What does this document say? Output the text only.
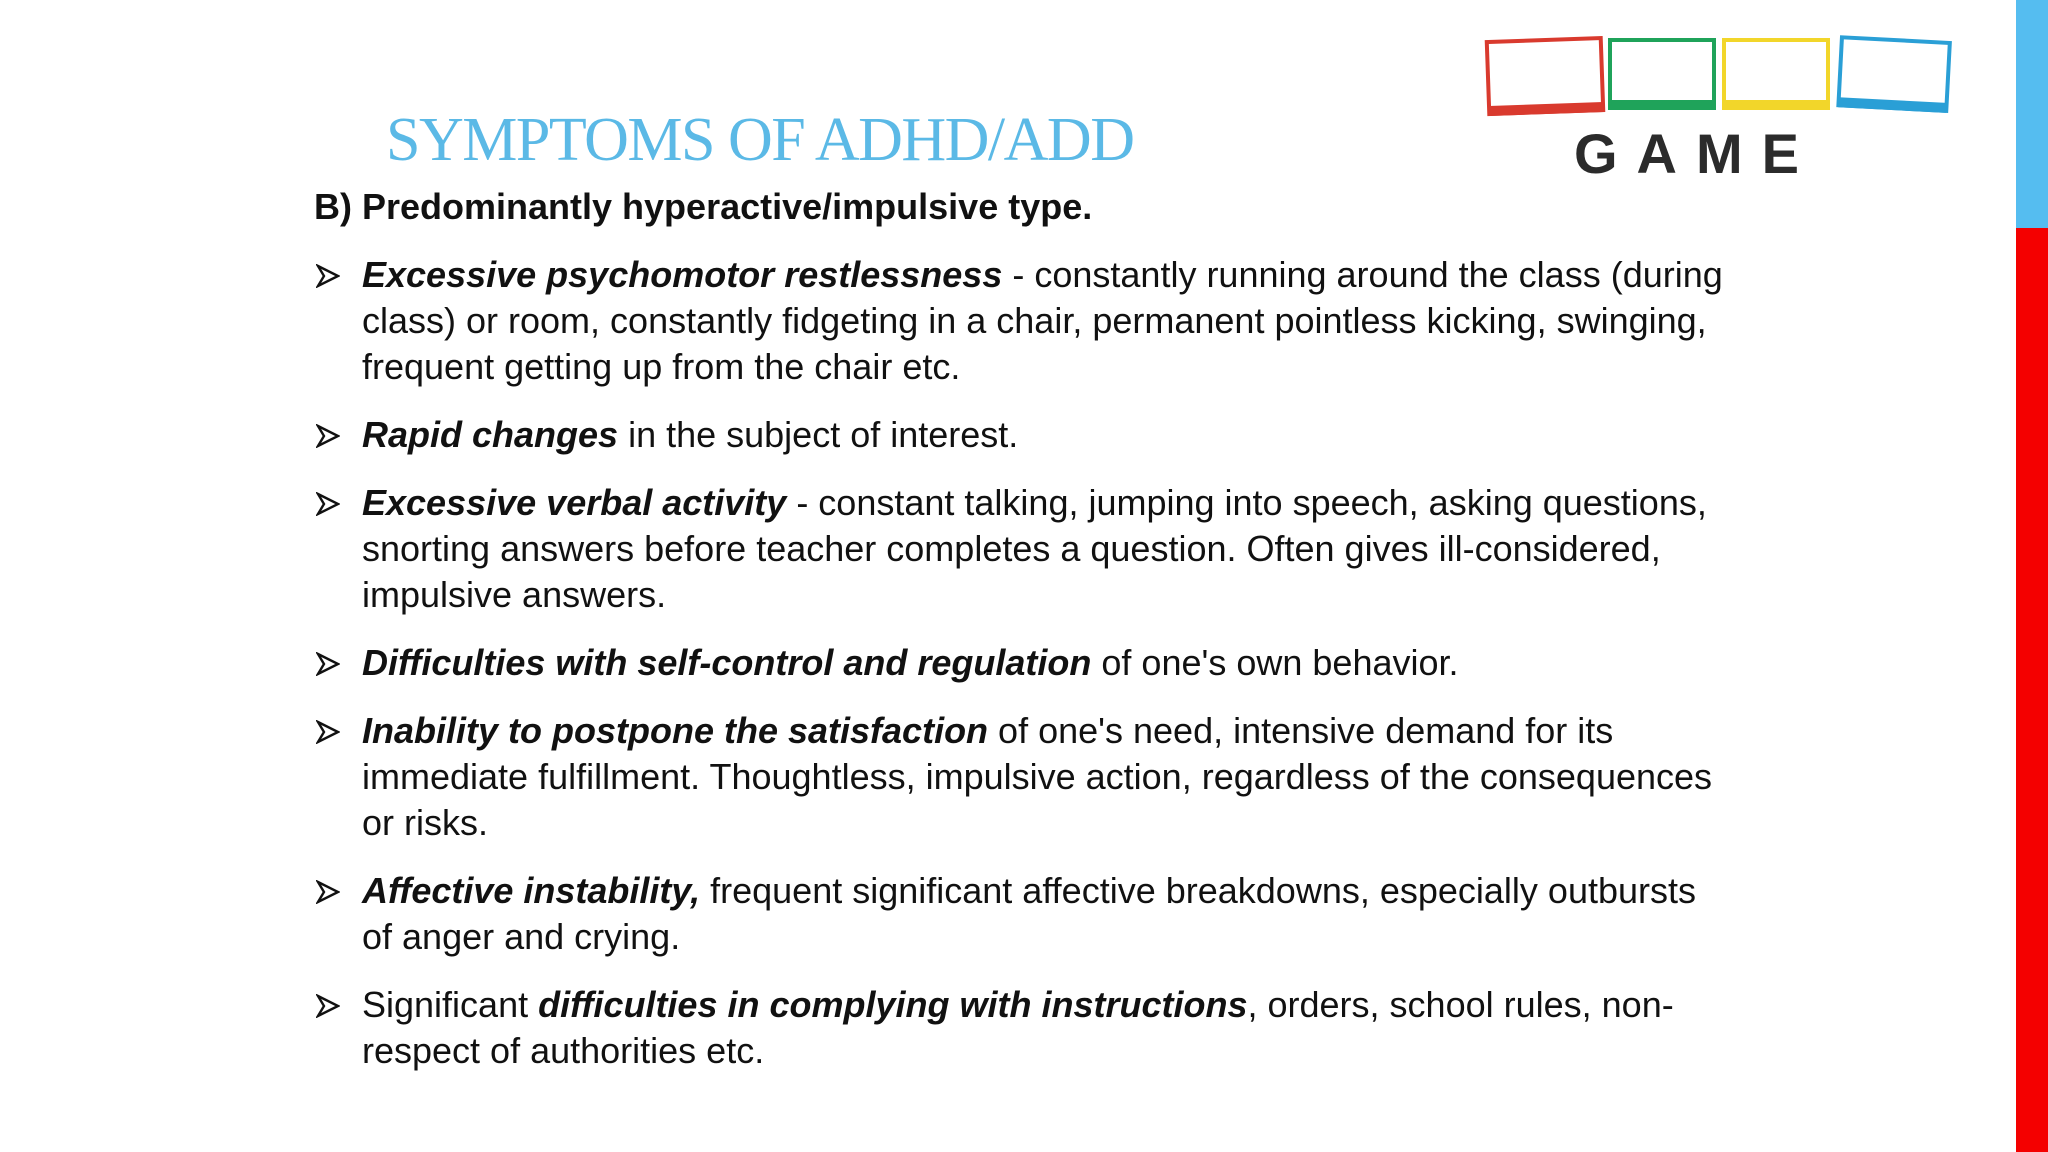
SYMPTOMS OF ADHD/ADD	GAME

B) Predominantly hyperactive/impulsive type.

Excessive psychomotor restlessness - constantly running around the class (during class) or room, constantly fidgeting in a chair, permanent pointless kicking, swinging, frequent getting up from the chair etc.
Rapid changes in the subject of interest.
Excessive verbal activity - constant talking, jumping into speech, asking questions, snorting answers before teacher completes a question. Often gives ill-considered, impulsive answers.
Difficulties with self-control and regulation of one's own behavior.
Inability to postpone the satisfaction of one's need, intensive demand for its immediate fulfillment. Thoughtless, impulsive action, regardless of the consequences or risks.
Affective instability, frequent significant affective breakdowns, especially outbursts of anger and crying.
Significant difficulties in complying with instructions, orders, school rules, non-respect of authorities etc.
